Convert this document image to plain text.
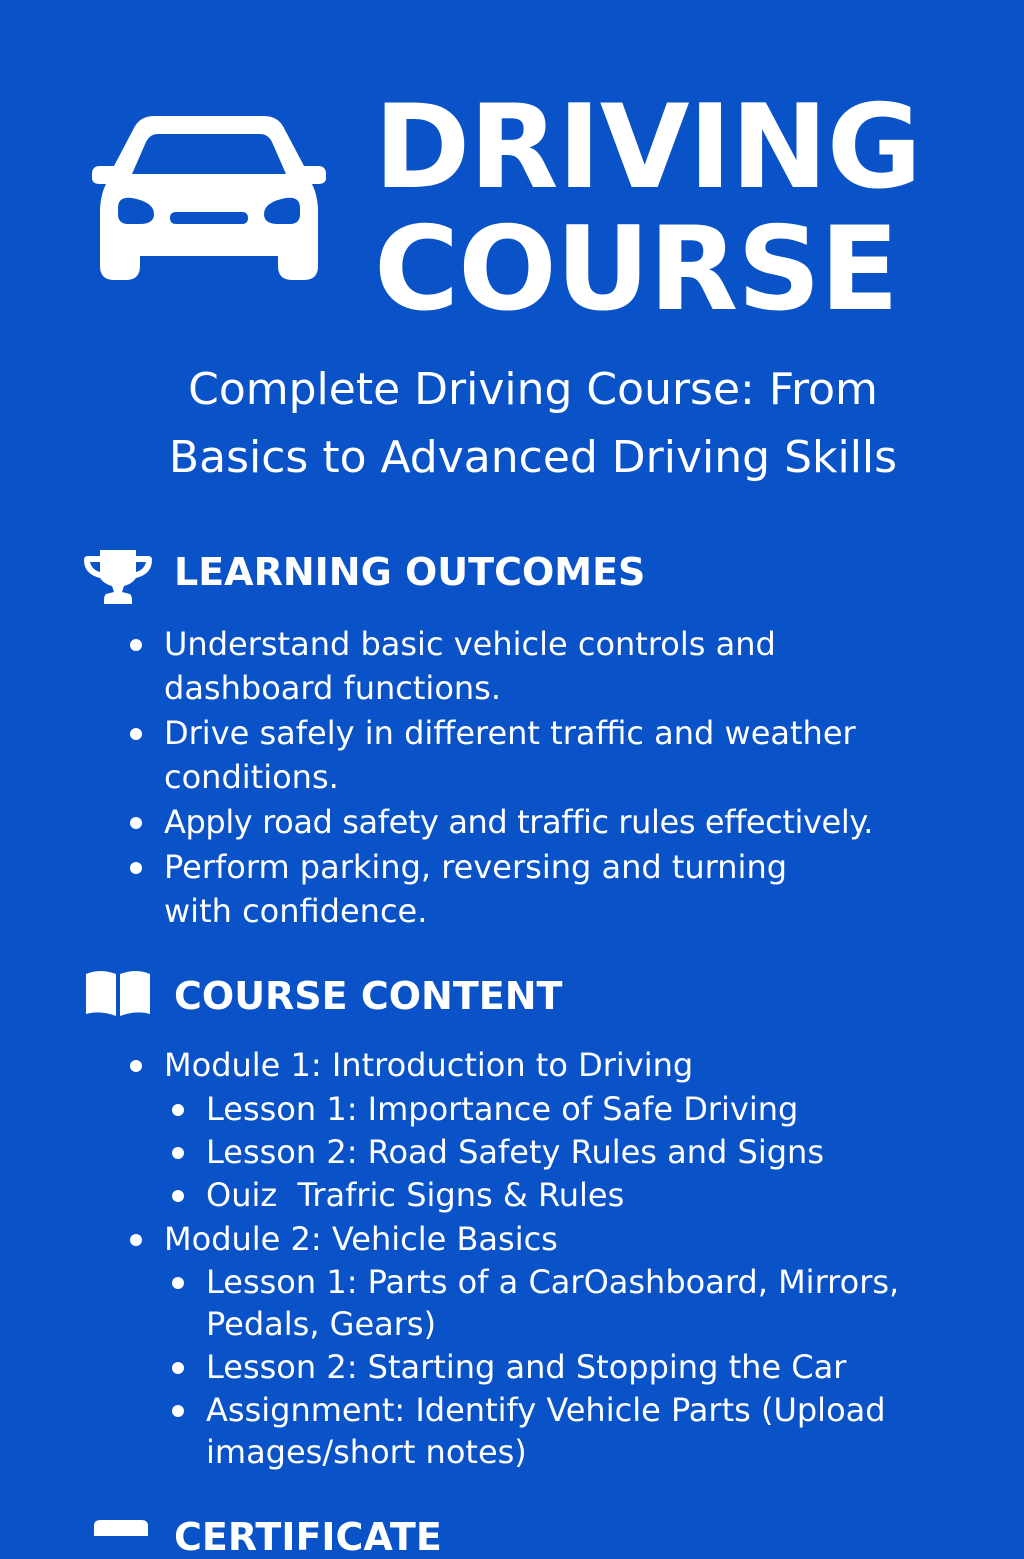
DRIVING
COURSE
Complete Driving Course: From
Basics to Advanced Driving Skills
LEARNING OUTCOMES
Understand basic vehicle controls and
dashboard functions.
Drive safely in different traffic and weather
conditions.
Apply road safety and traffic rules effectively.
Perform parking, reversing and turning
with confidence.
COURSE CONTENT
Module 1: Introduction to Driving
Lesson 1: Importance of Safe Driving
Lesson 2: Road Safety Rules and Signs
Ouiz  Trafric Signs & Rules
Module 2: Vehicle Basics
Lesson 1: Parts of a CarOashboard, Mirrors,
Pedals, Gears)
Lesson 2: Starting and Stopping the Car
Assignment: Identify Vehicle Parts (Upload
images/short notes)
CERTIFICATE
